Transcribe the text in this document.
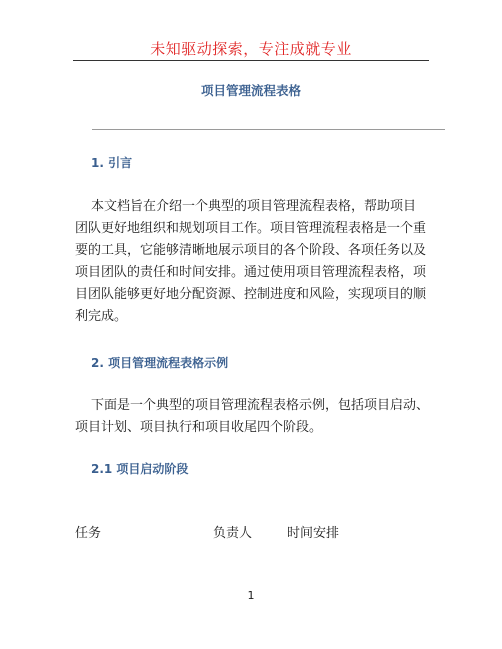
未知驱动探索，专注成就专业
项目管理流程表格
1. 引言

本文档旨在介绍一个典型的项目管理流程表格，帮助项目

团队更好地组织和规划项目工作。项目管理流程表格是一个重

要的工具，它能够清晰地展示项目的各个阶段、各项任务以及

项目团队的责任和时间安排。通过使用项目管理流程表格，项

目团队能够更好地分配资源、控制进度和风险，实现项目的顺

利完成。

2. 项目管理流程表格示例

下面是一个典型的项目管理流程表格示例，包括项目启动、

项目计划、项目执行和项目收尾四个阶段。

2.1 项目启动阶段
任务	负责人	时间安排
1
